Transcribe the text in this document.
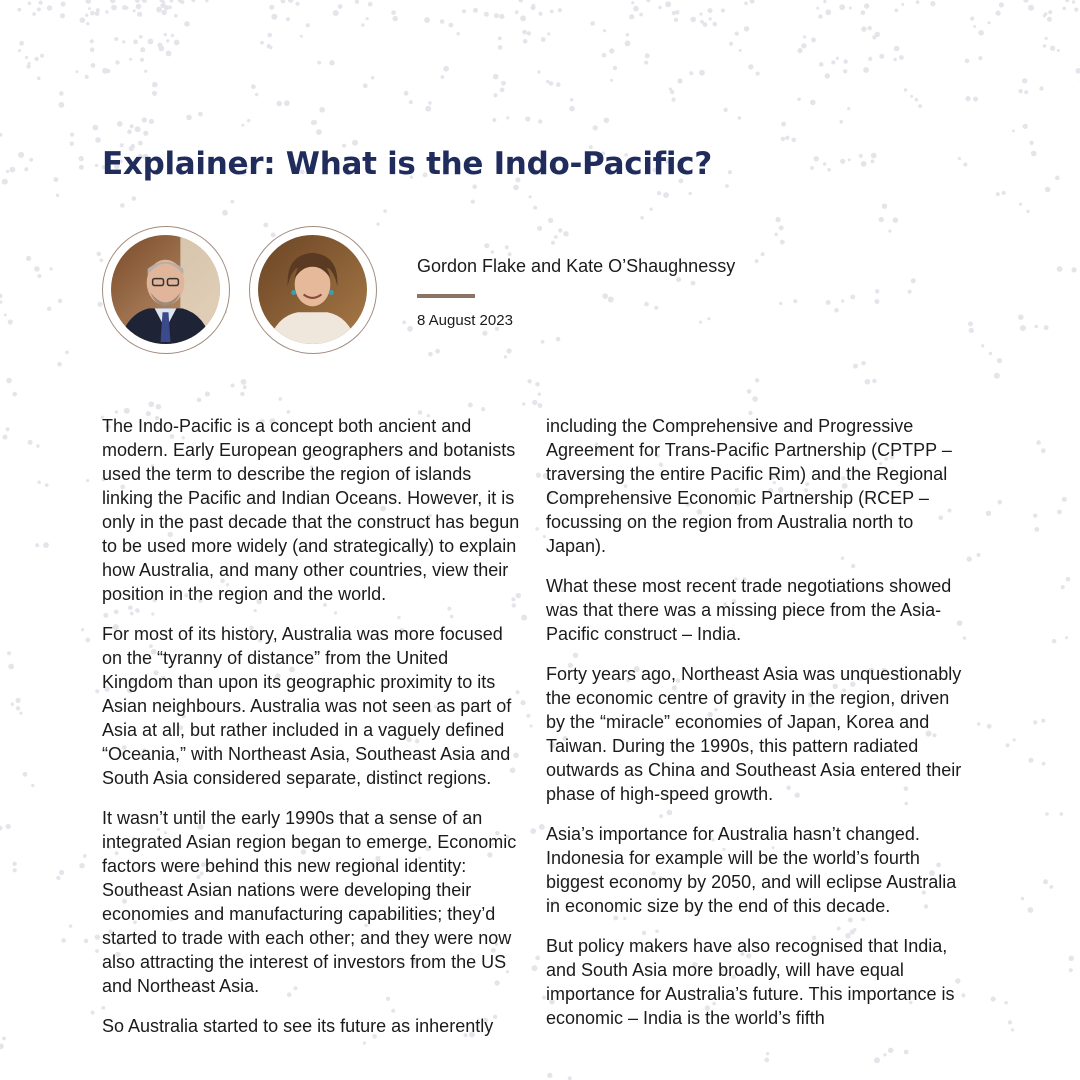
Explainer: What is the Indo-Pacific?
Gordon Flake and Kate O’Shaughnessy
8 August 2023

The Indo-Pacific is a concept both ancient and modern. Early European geographers and botanists used the term to describe the region of islands linking the Pacific and Indian Oceans. However, it is only in the past decade that the construct has begun to be used more widely (and strategically) to explain how Australia, and many other countries, view their position in the region and the world.

For most of its history, Australia was more focused on the “tyranny of distance” from the United Kingdom than upon its geographic proximity to its Asian neighbours. Australia was not seen as part of Asia at all, but rather included in a vaguely defined “Oceania,” with Northeast Asia, Southeast Asia and South Asia considered separate, distinct regions.

It wasn’t until the early 1990s that a sense of an integrated Asian region began to emerge. Economic factors were behind this new regional identity: Southeast Asian nations were developing their economies and manufacturing capabilities; they’d started to trade with each other; and they were now also attracting the interest of investors from the US and Northeast Asia.

So Australia started to see its future as inherently

including the Comprehensive and Progressive Agreement for Trans-Pacific Partnership (CPTPP – traversing the entire Pacific Rim) and the Regional Comprehensive Economic Partnership (RCEP – focussing on the region from Australia north to Japan).

What these most recent trade negotiations showed was that there was a missing piece from the Asia-Pacific construct – India.

Forty years ago, Northeast Asia was unquestionably the economic centre of gravity in the region, driven by the “miracle” economies of Japan, Korea and Taiwan. During the 1990s, this pattern radiated outwards as China and Southeast Asia entered their phase of high-speed growth.

Asia’s importance for Australia hasn’t changed. Indonesia for example will be the world’s fourth biggest economy by 2050, and will eclipse Australia in economic size by the end of this decade.

But policy makers have also recognised that India, and South Asia more broadly, will have equal importance for Australia’s future. This importance is economic – India is the world’s fifth
